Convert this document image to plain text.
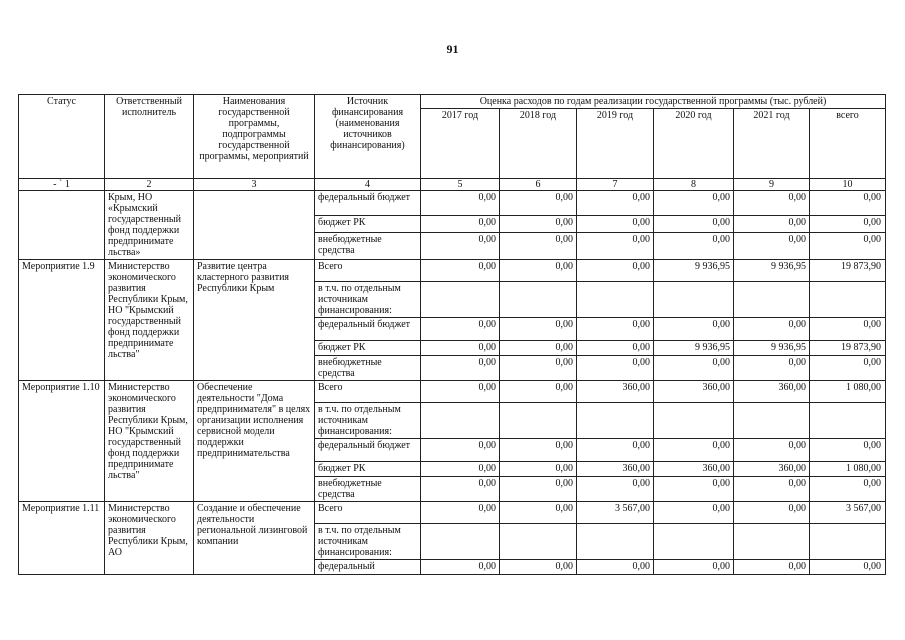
91
Статус	Ответственный исполнитель	Наименования государственной программы, подпрограммы государственной программы, мероприятий	Источник финансирования (наименования источников финансирования)	Оценка расходов по годам реализации государственной программы (тыс. рублей)					
				2017 год	2018 год	2019 год	2020 год	2021 год	всего
- ` 1	2	3	4	5	6	7	8	9	10
	Крым, НО «Крымский государственный фонд поддержки предпринимате льства»		федеральный бюджет	0,00	0,00	0,00	0,00	0,00	0,00
			бюджет РК	0,00	0,00	0,00	0,00	0,00	0,00
			внебюджетные средства	0,00	0,00	0,00	0,00	0,00	0,00
Мероприятие 1.9	Министерство экономического развития Республики Крым, НО "Крымский государственный фонд поддержки предпринимате льства"	Развитие центра кластерного развития Республики Крым	Всего	0,00	0,00	0,00	9 936,95	9 936,95	19 873,90
			в т.ч. по отдельным источникам финансирования:						
			федеральный бюджет	0,00	0,00	0,00	0,00	0,00	0,00
			бюджет РК	0,00	0,00	0,00	9 936,95	9 936,95	19 873,90
			внебюджетные средства	0,00	0,00	0,00	0,00	0,00	0,00
Мероприятие 1.10	Министерство экономического развития Республики Крым, НО "Крымский государственный фонд поддержки предпринимате льства"	Обеспечение деятельности "Дома предпринимателя" в целях организации исполнения сервисной модели поддержки предпринимательства	Всего	0,00	0,00	360,00	360,00	360,00	1 080,00
			в т.ч. по отдельным источникам финансирования:						
			федеральный бюджет	0,00	0,00	0,00	0,00	0,00	0,00
			бюджет РК	0,00	0,00	360,00	360,00	360,00	1 080,00
			внебюджетные средства	0,00	0,00	0,00	0,00	0,00	0,00
Мероприятие 1.11	Министерство экономического развития Республики Крым, АО	Создание и обеспечение деятельности региональной лизинговой компании	Всего	0,00	0,00	3 567,00	0,00	0,00	3 567,00
			в т.ч. по отдельным источникам финансирования:						
			федеральный	0,00	0,00	0,00	0,00	0,00	0,00
